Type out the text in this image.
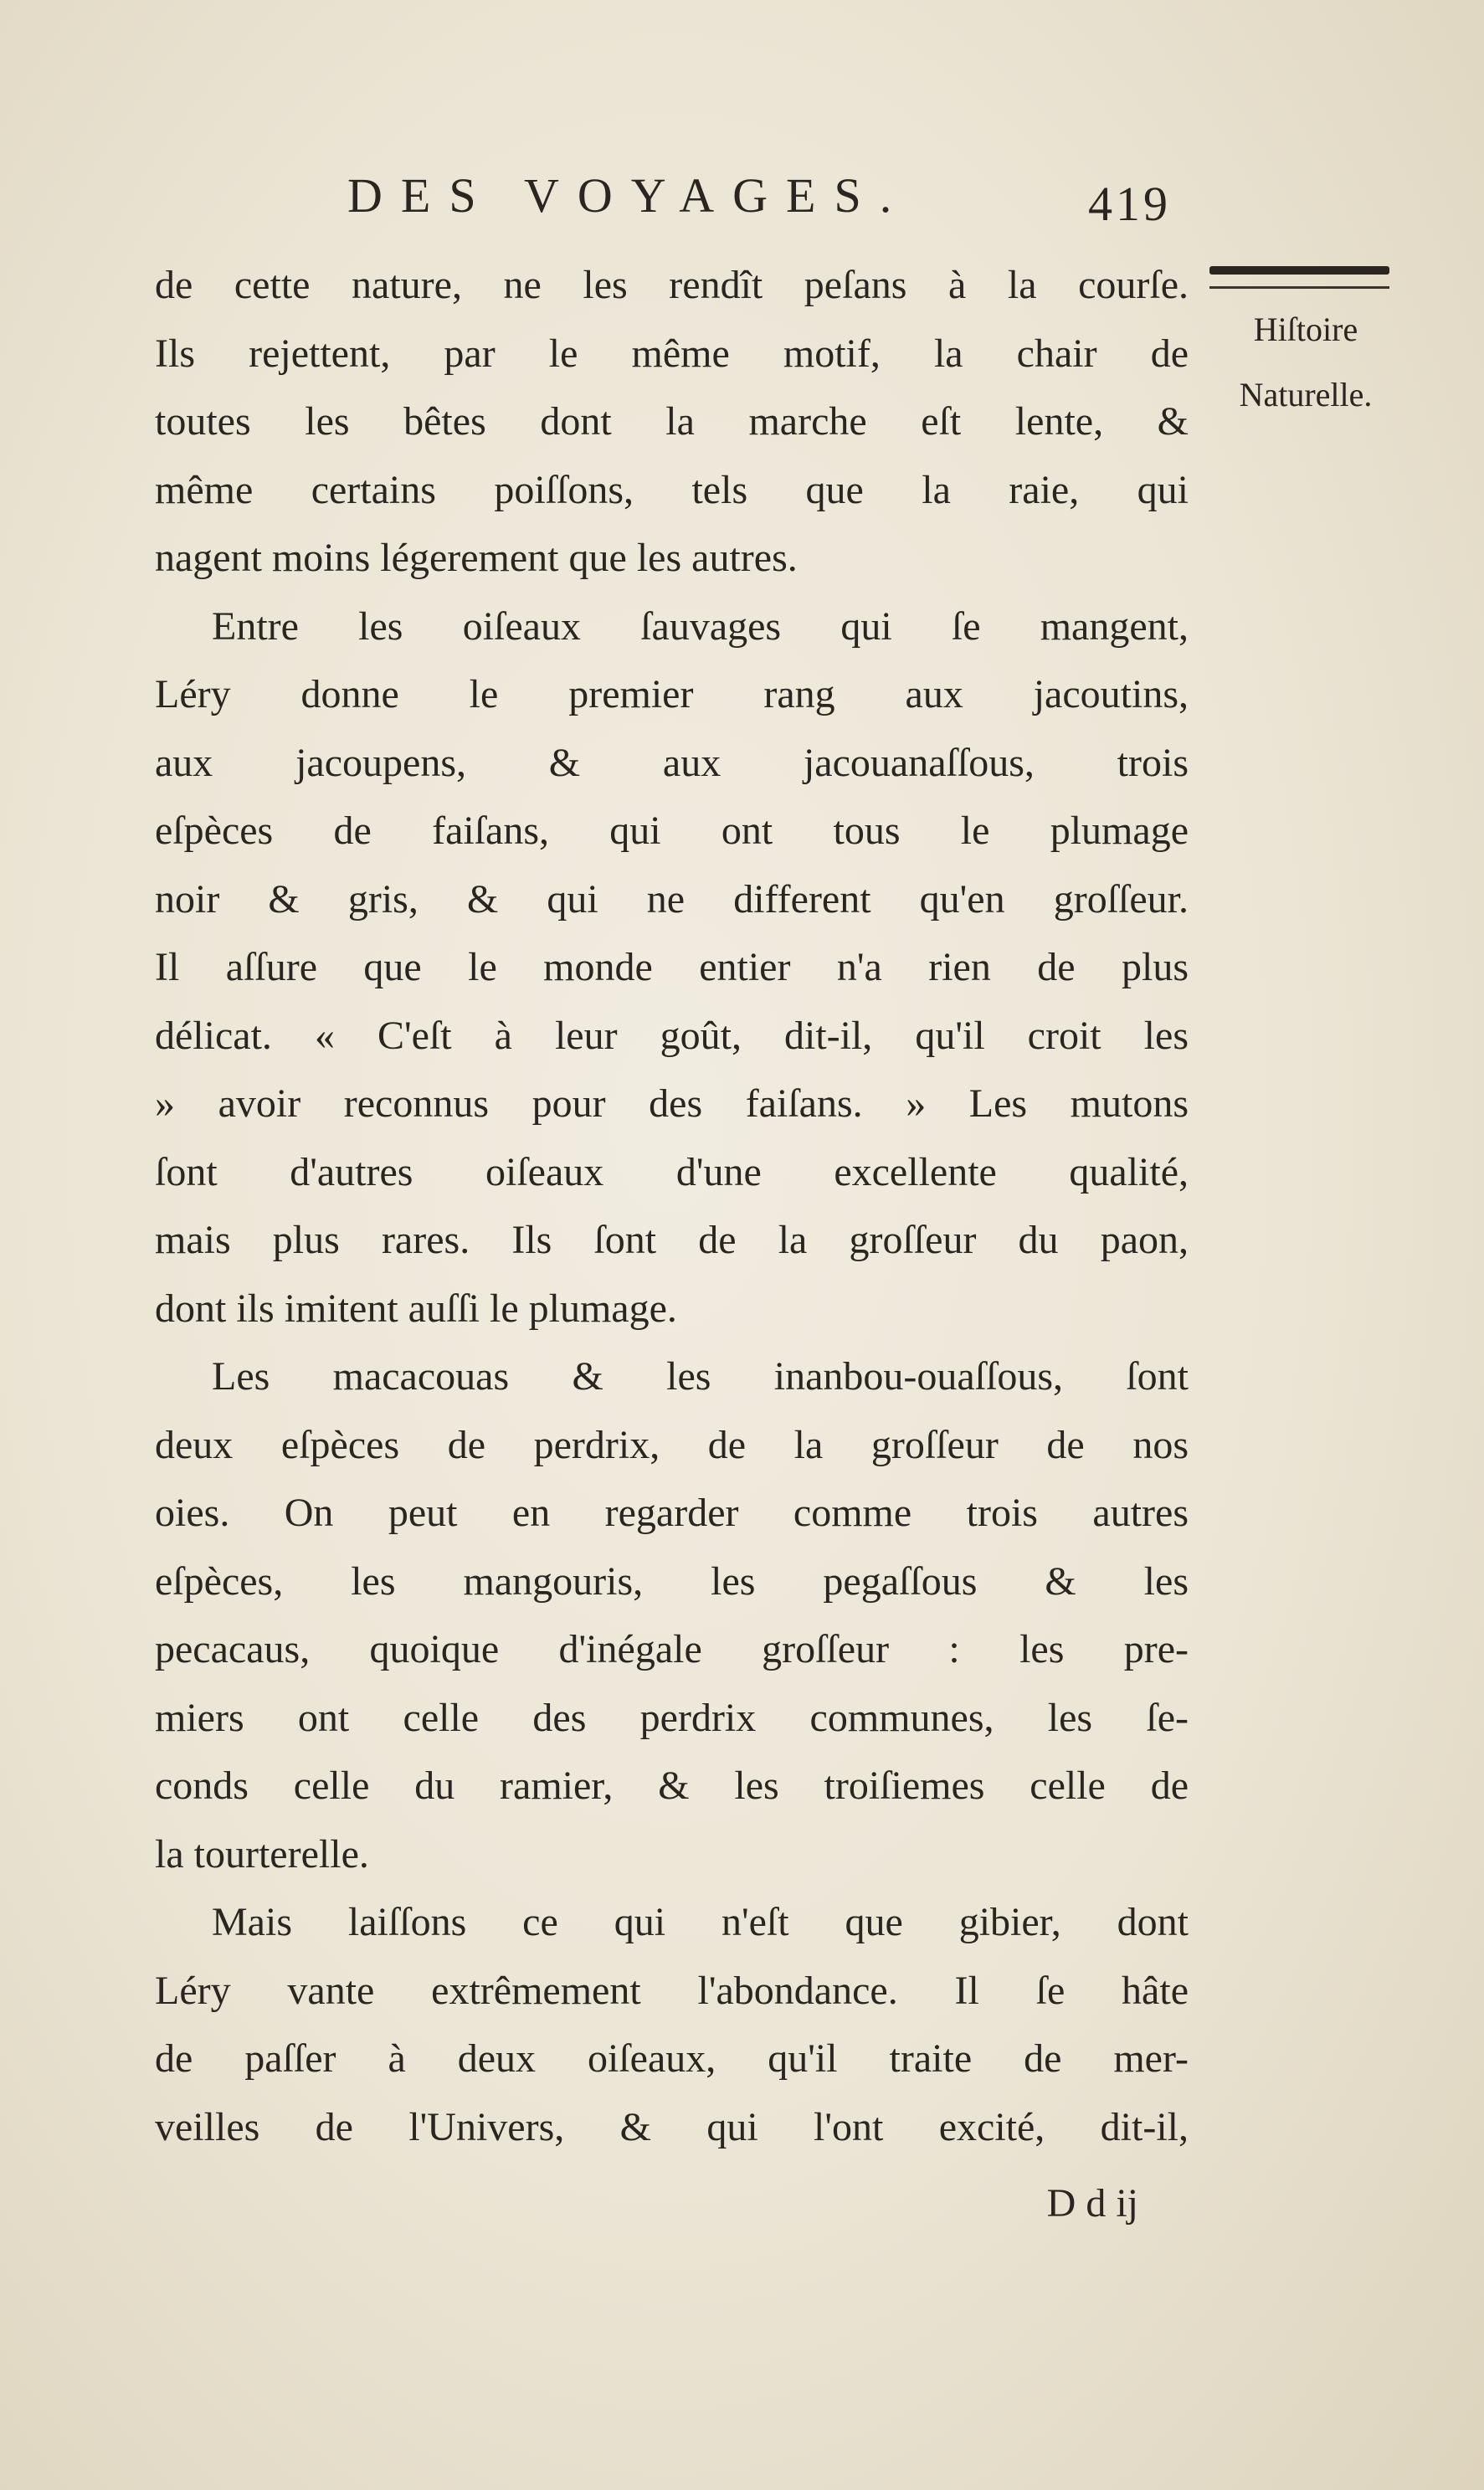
DES VOYAGES.	419
Hiſtoire
Naturelle.
de cette nature, ne les rendît peſans à la courſe.
Ils rejettent, par le même motif, la chair de
toutes les bêtes dont la marche eſt lente, &
même certains poiſſons, tels que la raie, qui
nagent moins légerement que les autres.
Entre les oiſeaux ſauvages qui ſe mangent,
Léry donne le premier rang aux jacoutins,
aux jacoupens, & aux jacouanaſſous, trois
eſpèces de faiſans, qui ont tous le plumage
noir & gris, & qui ne different qu'en groſſeur.
Il aſſure que le monde entier n'a rien de plus
délicat. « C'eſt à leur goût, dit-il, qu'il croit les
» avoir reconnus pour des faiſans. » Les mutons
ſont d'autres oiſeaux d'une excellente qualité,
mais plus rares. Ils ſont de la groſſeur du paon,
dont ils imitent auſſi le plumage.
Les macacouas & les inanbou-ouaſſous, ſont
deux eſpèces de perdrix, de la groſſeur de nos
oies. On peut en regarder comme trois autres
eſpèces, les mangouris, les pegaſſous & les
pecacaus, quoique d'inégale groſſeur : les pre-
miers ont celle des perdrix communes, les ſe-
conds celle du ramier, & les troiſiemes celle de
la tourterelle.
Mais laiſſons ce qui n'eſt que gibier, dont
Léry vante extrêmement l'abondance. Il ſe hâte
de paſſer à deux oiſeaux, qu'il traite de mer-
veilles de l'Univers, & qui l'ont excité, dit-il,
D d ij
